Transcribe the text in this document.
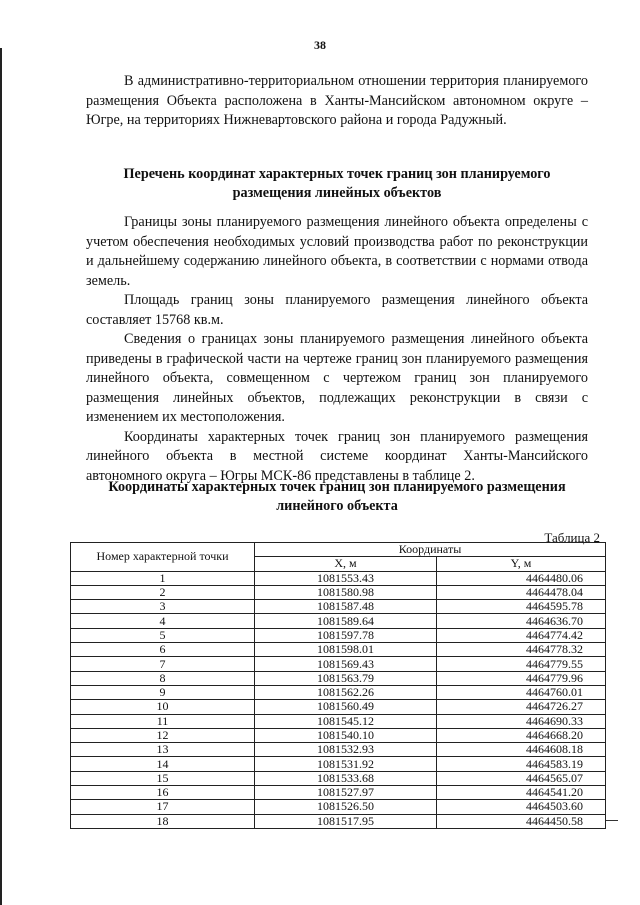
38
В административно-территориальном отношении территория планируемого размещения Объекта расположена в Ханты-Мансийском автономном округе – Югре, на территориях Нижневартовского района и города Радужный.
Перечень координат характерных точек границ зон планируемого размещения линейных объектов
Границы зоны планируемого размещения линейного объекта определены с учетом обеспечения необходимых условий производства работ по реконструкции и дальнейшему содержанию линейного объекта, в соответствии с нормами отвода земель.
Площадь границ зоны планируемого размещения линейного объекта составляет 15768 кв.м.
Сведения о границах зоны планируемого размещения линейного объекта приведены в графической части на чертеже границ зон планируемого размещения линейного объекта, совмещенном с чертежом границ зон планируемого размещения линейных объектов, подлежащих реконструкции в связи с изменением их местоположения.
Координаты характерных точек границ зон планируемого размещения линейного объекта в местной системе координат Ханты-Мансийского автономного округа – Югры МСК-86 представлены в таблице 2.
Координаты характерных точек границ зон планируемого размещения линейного объекта
Таблица 2
Номер характерной точки	Координаты	
	X, м	Y, м
1	1081553.43	4464480.06
2	1081580.98	4464478.04
3	1081587.48	4464595.78
4	1081589.64	4464636.70
5	1081597.78	4464774.42
6	1081598.01	4464778.32
7	1081569.43	4464779.55
8	1081563.79	4464779.96
9	1081562.26	4464760.01
10	1081560.49	4464726.27
11	1081545.12	4464690.33
12	1081540.10	4464668.20
13	1081532.93	4464608.18
14	1081531.92	4464583.19
15	1081533.68	4464565.07
16	1081527.97	4464541.20
17	1081526.50	4464503.60
18	1081517.95	4464450.58
